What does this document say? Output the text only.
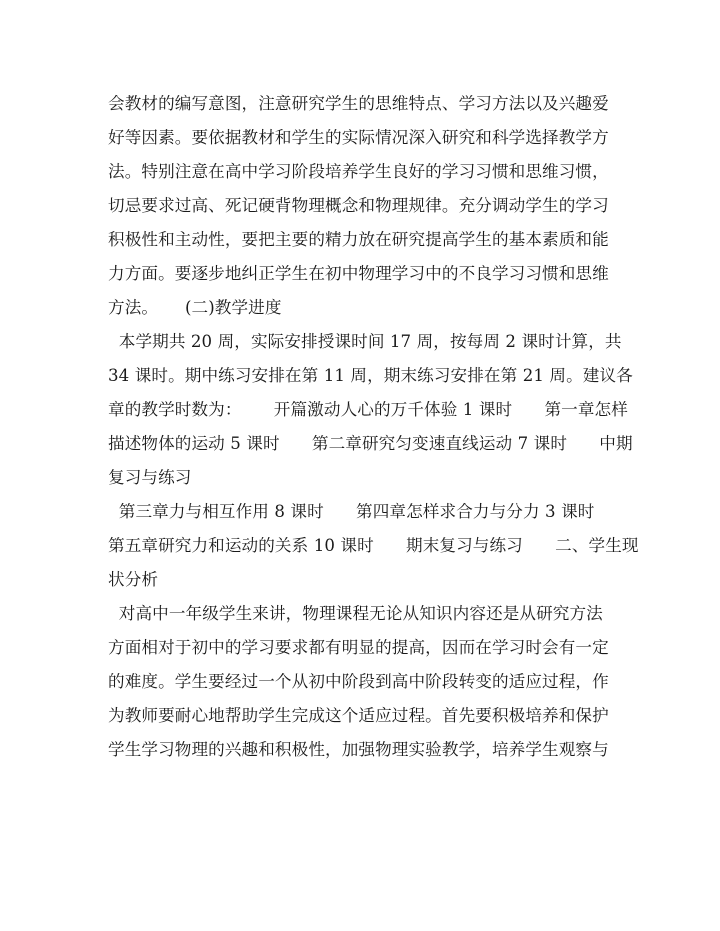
会教材的编写意图，注意研究学生的思维特点、学习方法以及兴趣爱
好等因素。要依据教材和学生的实际情况深入研究和科学选择教学方
法。特别注意在高中学习阶段培养学生良好的学习习惯和思维习惯，
切忌要求过高、死记硬背物理概念和物理规律。充分调动学生的学习
积极性和主动性，要把主要的精力放在研究提高学生的基本素质和能
力方面。要逐步地纠正学生在初中物理学习中的不良学习习惯和思维
方法。     (二)教学进度
本学期共 20 周，实际安排授课时间 17 周，按每周 2 课时计算，共
34 课时。期中练习安排在第 11 周，期末练习安排在第 21 周。建议各
章的教学时数为：      开篇激动人心的万千体验 1 课时      第一章怎样
描述物体的运动 5 课时      第二章研究匀变速直线运动 7 课时      中期
复习与练习
第三章力与相互作用 8 课时      第四章怎样求合力与分力 3 课时
第五章研究力和运动的关系 10 课时      期末复习与练习      二、学生现
状分析
对高中一年级学生来讲，物理课程无论从知识内容还是从研究方法
方面相对于初中的学习要求都有明显的提高，因而在学习时会有一定
的难度。学生要经过一个从初中阶段到高中阶段转变的适应过程，作
为教师要耐心地帮助学生完成这个适应过程。首先要积极培养和保护
学生学习物理的兴趣和积极性，加强物理实验教学，培养学生观察与
